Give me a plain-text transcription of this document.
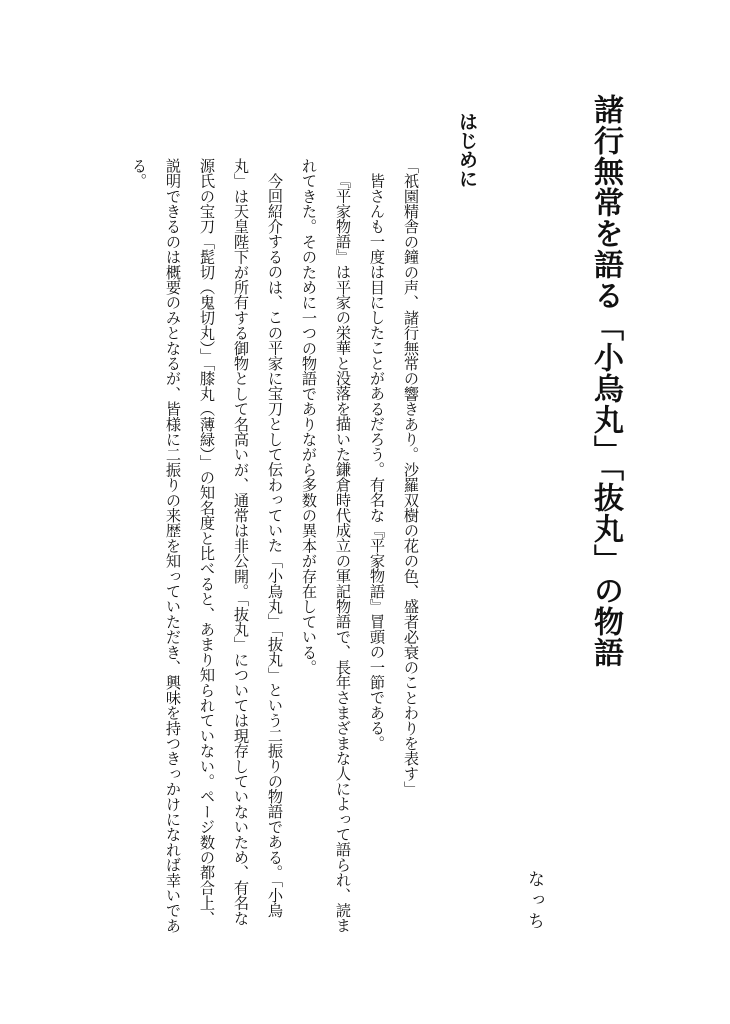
諸行無常を語る「小烏丸」「抜丸」の物語
はじめに

「祇園精舎の鐘の声、諸行無常の響きあり。沙羅双樹の花の色、盛者必衰のことわりを表す」

皆さんも一度は目にしたことがあるだろう。有名な『平家物語』冒頭の一節である。

『平家物語』は平家の栄華と没落を描いた鎌倉時代成立の軍記物語で、長年さまざまな人によって語られ、読まれてきた。そのために一つの物語でありながら多数の異本が存在している。

今回紹介するのは、この平家に宝刀として伝わっていた「小烏丸」「抜丸」という二振りの物語である。「小烏丸」は天皇陛下が所有する御物として名高いが、通常は非公開。「抜丸」については現存していないため、有名な源氏の宝刀「髭切（鬼切丸）」「膝丸（薄緑）」の知名度と比べると、あまり知られていない。ページ数の都合上、説明できるのは概要のみとなるが、皆様に二振りの来歴を知っていただき、興味を持つきっかけになれば幸いである。

なっち
